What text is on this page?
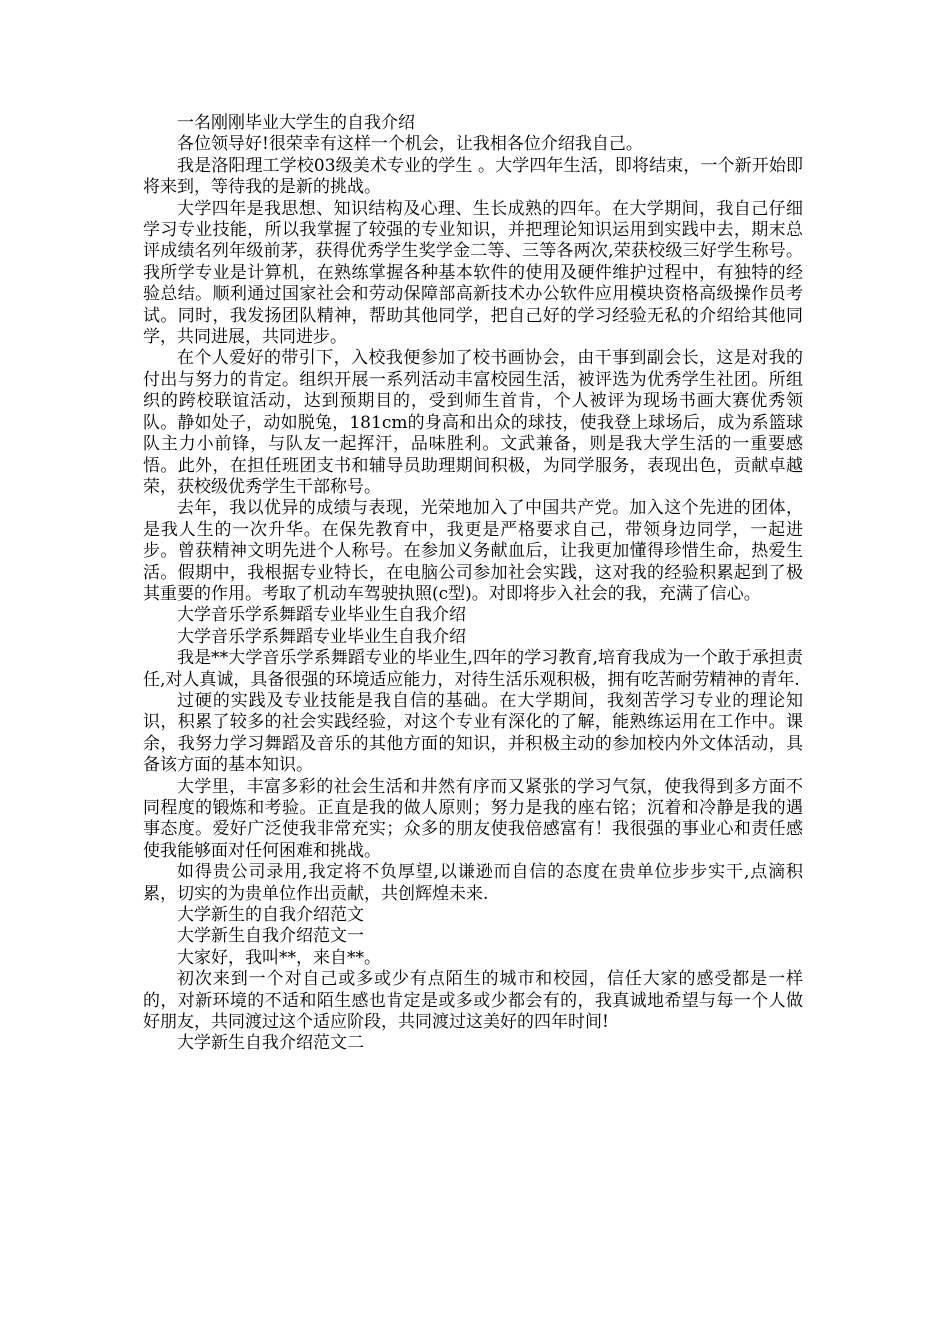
一名刚刚毕业大学生的自我介绍

各位领导好!很荣幸有这样一个机会，让我相各位介绍我自己。

我是洛阳理工学校03级美术专业的学生 。大学四年生活，即将结束，一个新开始即将来到，等待我的是新的挑战。

大学四年是我思想、知识结构及心理、生长成熟的四年。在大学期间，我自己仔细学习专业技能，所以我掌握了较强的专业知识，并把理论知识运用到实践中去，期末总评成绩名列年级前茅，获得优秀学生奖学金二等、三等各两次,荣获校级三好学生称号。我所学专业是计算机，在熟练掌握各种基本软件的使用及硬件维护过程中，有独特的经验总结。顺利通过国家社会和劳动保障部高新技术办公软件应用模块资格高级操作员考试。同时，我发扬团队精神，帮助其他同学，把自己好的学习经验无私的介绍给其他同学，共同进展，共同进步。

在个人爱好的带引下，入校我便参加了校书画协会，由干事到副会长，这是对我的付出与努力的肯定。组织开展一系列活动丰富校园生活，被评选为优秀学生社团。所组织的跨校联谊活动，达到预期目的，受到师生首肯，个人被评为现场书画大赛优秀领队。静如处子，动如脱兔，181cm的身高和出众的球技，使我登上球场后，成为系篮球队主力小前锋，与队友一起挥汗，品味胜利。文武兼备，则是我大学生活的一重要感悟。此外，在担任班团支书和辅导员助理期间积极，为同学服务，表现出色，贡献卓越荣，获校级优秀学生干部称号。

去年，我以优异的成绩与表现，光荣地加入了中国共产党。加入这个先进的团体，是我人生的一次升华。在保先教育中，我更是严格要求自己，带领身边同学，一起进步。曾获精神文明先进个人称号。在参加义务献血后，让我更加懂得珍惜生命，热爱生活。假期中，我根据专业特长，在电脑公司参加社会实践，这对我的经验积累起到了极其重要的作用。考取了机动车驾驶执照(c型)。对即将步入社会的我，充满了信心。

大学音乐学系舞蹈专业毕业生自我介绍

大学音乐学系舞蹈专业毕业生自我介绍

我是**大学音乐学系舞蹈专业的毕业生,四年的学习教育,培育我成为一个敢于承担责任,对人真诚，具备很强的环境适应能力，对待生活乐观积极，拥有吃苦耐劳精神的青年.

过硬的实践及专业技能是我自信的基础。在大学期间，我刻苦学习专业的理论知识，积累了较多的社会实践经验，对这个专业有深化的了解，能熟练运用在工作中。课余，我努力学习舞蹈及音乐的其他方面的知识，并积极主动的参加校内外文体活动，具备该方面的基本知识。

大学里，丰富多彩的社会生活和井然有序而又紧张的学习气氛，使我得到多方面不同程度的锻炼和考验。正直是我的做人原则；努力是我的座右铭；沉着和冷静是我的遇事态度。爱好广泛使我非常充实；众多的朋友使我倍感富有！我很强的事业心和责任感使我能够面对任何困难和挑战。

如得贵公司录用,我定将不负厚望,以谦逊而自信的态度在贵单位步步实干,点滴积累，切实的为贵单位作出贡献，共创辉煌未来.

大学新生的自我介绍范文

大学新生自我介绍范文一

大家好，我叫**，来自**。

初次来到一个对自己或多或少有点陌生的城市和校园，信任大家的感受都是一样的，对新环境的不适和陌生感也肯定是或多或少都会有的，我真诚地希望与每一个人做好朋友，共同渡过这个适应阶段，共同渡过这美好的四年时间!

大学新生自我介绍范文二
